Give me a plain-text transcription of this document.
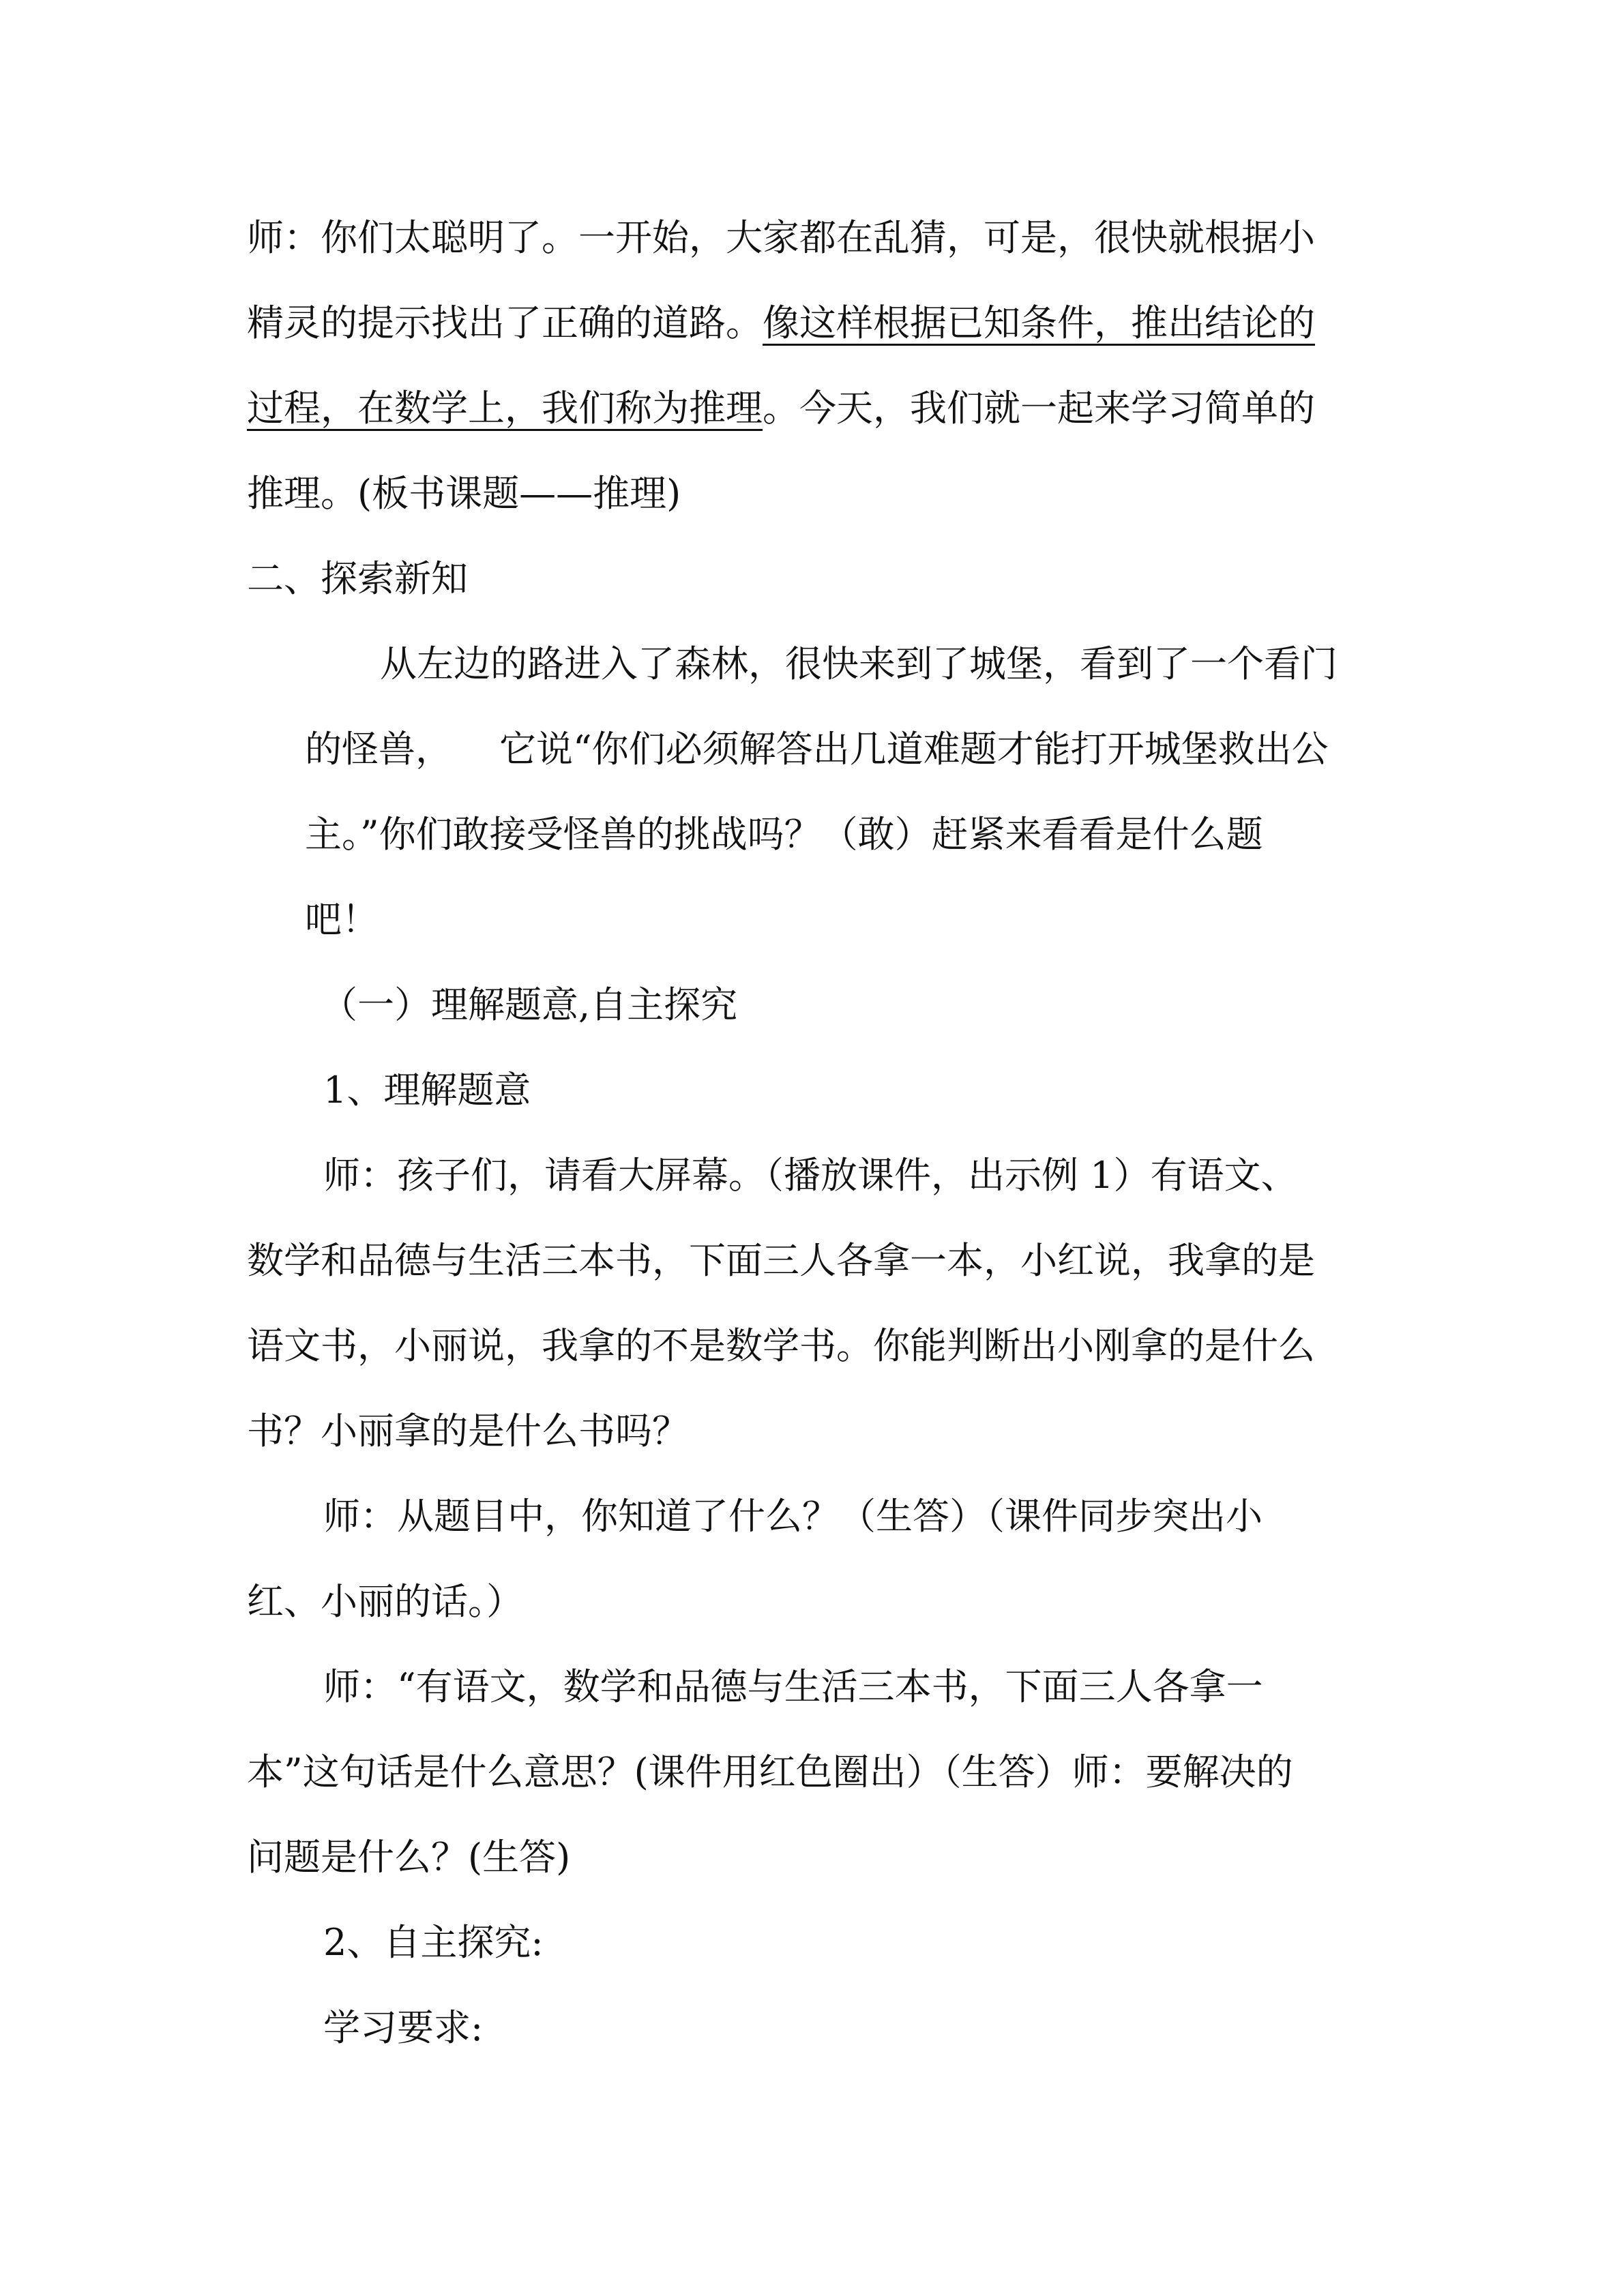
师：你们太聪明了。一开始，大家都在乱猜，可是，很快就根据小
精灵的提示找出了正确的道路。像这样根据已知条件，推出结论的
过程，在数学上，我们称为推理。今天，我们就一起来学习简单的
推理。(板书课题——推理)
二、探索新知
从左边的路进入了森林，很快来到了城堡，看到了一个看门
的怪兽， 它说“你们必须解答出几道难题才能打开城堡救出公
主。”你们敢接受怪兽的挑战吗？（敢）赶紧来看看是什么题
吧！
（一）理解题意,自主探究
1、理解题意
师：孩子们，请看大屏幕。（播放课件，出示例 1）有语文、
数学和品德与生活三本书，下面三人各拿一本，小红说，我拿的是
语文书，小丽说，我拿的不是数学书。你能判断出小刚拿的是什么
书？小丽拿的是什么书吗？
师：从题目中，你知道了什么？（生答）（课件同步突出小
红、小丽的话。）
师：“有语文，数学和品德与生活三本书，下面三人各拿一
本”这句话是什么意思？(课件用红色圈出）（生答）师：要解决的
问题是什么？(生答)
2、自主探究:
学习要求:
